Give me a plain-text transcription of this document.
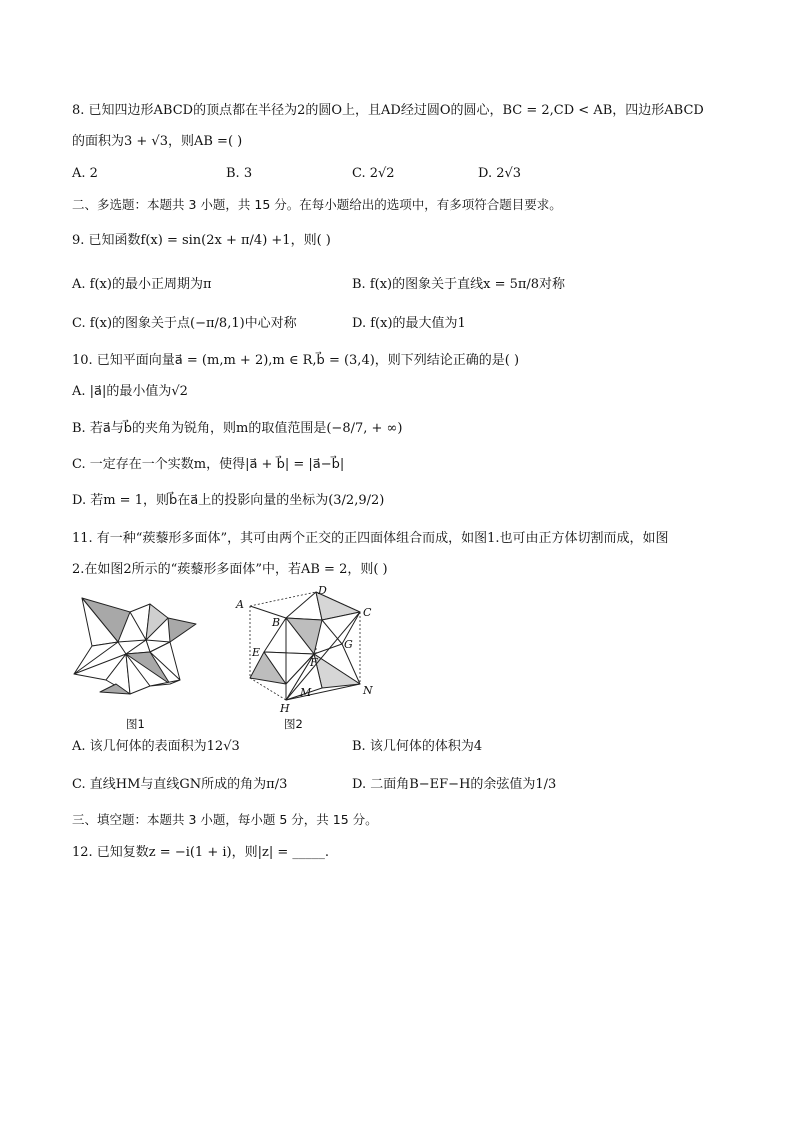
8. 已知四边形ABCD的顶点都在半径为2的圆O上，且AD经过圆O的圆心，BC = 2,CD < AB，四边形ABCD
的面积为3 + √3，则AB =( )
A. 2	B. 3	C. 2√2	D. 2√3
二、多选题：本题共 3 小题，共 15 分。在每小题给出的选项中，有多项符合题目要求。
9. 已知函数f(x) = sin(2x + π/4) +1，则( )
A. f(x)的最小正周期为π	B. f(x)的图象关于直线x = 5π/8对称
C. f(x)的图象关于点(−π/8,1)中心对称	D. f(x)的最大值为1
10. 已知平面向量a⃗ = (m,m + 2),m ∈ R,b⃗ = (3,4)，则下列结论正确的是( )
A. |a⃗|的最小值为√2
B. 若a⃗与b⃗的夹角为锐角，则m的取值范围是(−8/7, + ∞)
C. 一定存在一个实数m，使得|a⃗ + b⃗| = |a⃗−b⃗|
D. 若m = 1，则b⃗在a⃗上的投影向量的坐标为(3/2,9/2)
11. 有一种“蒺藜形多面体”，其可由两个正交的正四面体组合而成，如图1.也可由正方体切割而成，如图
2.在如图2所示的“蒺藜形多面体”中，若AB = 2，则( )
图1
A
D
C
B
G
E
F
M	N
H
图2
A. 该几何体的表面积为12√3	B. 该几何体的体积为4
C. 直线HM与直线GN所成的角为π/3	D. 二面角B−EF−H的余弦值为1/3
三、填空题：本题共 3 小题，每小题 5 分，共 15 分。
12. 已知复数z = −i(1 + i)，则|z| = _____.
